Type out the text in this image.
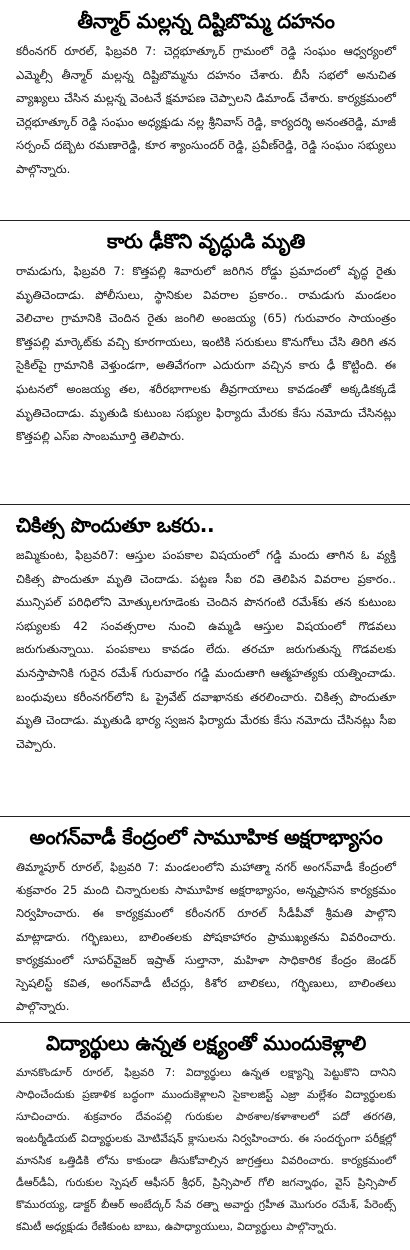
తీన్మార్ మల్లన్న దిష్టిబొమ్మ దహనం

కరీంనగర్ రూరల్, ఫిబ్రవరి 7: చెర్లభూత్కూర్ గ్రామంలో రెడ్డి సంఘం ఆధ్వర్యంలో ఎమ్మెల్సీ తీన్మార్ మల్లన్న దిష్టిబొమ్మను దహనం చేశారు. బీసీ సభలో అనుచిత వ్యాఖ్యలు చేసిన మల్లన్న వెంటనే క్షమాపణ చెప్పాలని డిమాండ్ చేశారు. కార్యక్రమంలో చెర్లభూత్కూర్ రెడ్డి సంఘం అధ్యక్షుడు నల్ల శ్రీనివాస్ రెడ్డి, కార్యదర్శి అనంతరెడ్డి, మాజీ సర్పంచ్ దబ్బెట రమణారెడ్డి, కూర శ్యాంసుందర్ రెడ్డి, ప్రవీణ్‌రెడ్డి, రెడ్డి సంఘం సభ్యులు పాల్గొన్నారు.

కారు ఢీకొని వృద్ధుడి మృతి

రామడుగు, ఫిబ్రవరి 7: కొత్తపల్లి శివారులో జరిగిన రోడ్డు ప్రమాదంలో వృద్ధ రైతు మృతిచెందాడు. పోలీసులు, స్థానికుల వివరాల ప్రకారం.. రామడుగు మండలం వెలిచాల గ్రామానికి చెందిన రైతు జంగిలి అంజయ్య (65) గురువారం సాయంత్రం కొత్తపల్లి మార్కెట్‌కు వచ్చి కూరగాయలు, ఇంటికి సరుకులు కొనుగోలు చేసి తిరిగి తన సైకిల్‌పై గ్రామానికి వెళ్తుండగా, అతివేగంగా ఎదురుగా వచ్చిన కారు ఢీ కొట్టింది. ఈ ఘటనలో అంజయ్య తల, శరీరభాగాలకు తీవ్రగాయాలు కావడంతో అక్కడికక్కడే మృతిచెందాడు. మృతుడి కుటుంబ సభ్యుల ఫిర్యాదు మేరకు కేసు నమోదు చేసినట్లు కొత్తపల్లి ఎస్ఐ సాంబమూర్తి తెలిపారు.

చికిత్స పొందుతూ ఒకరు..

జమ్మికుంట, ఫిబ్రవరి7: ఆస్తుల పంపకాల విషయంలో గడ్డి మందు తాగిన ఓ వ్యక్తి చికిత్స పొందుతూ మృతి చెందాడు. పట్టణ సీఐ రవి తెలిపిన వివరాల ప్రకారం.. మున్సిపల్ పరిధిలోని మోత్కులగూడెంకు చెందిన పొనగంటి రమేశ్‌కు తన కుటుంబ సభ్యులకు 42 సంవత్సరాల నుంచి ఉమ్మడి ఆస్తుల విషయంలో గొడవలు జరుగుతున్నాయి. పంపకాలు కావడం లేదు. తరచూ జరుగుతున్న గొడవలకు మనస్తాపానికి గురైన రమేశ్ గురువారం గడ్డి మందుతాగి ఆత్మహత్యకు యత్నించాడు. బంధువులు కరీంనగర్‌లోని ఓ ప్రైవేట్ దవాఖానకు తరలించారు. చికిత్స పొందుతూ మృతి చెందాడు. మృతుడి భార్య స్వజన ఫిర్యాదు మేరకు కేసు నమోదు చేసినట్లు సీఐ చెప్పారు.

అంగన్‌వాడీ కేంద్రంలో సామూహిక అక్షరాభ్యాసం

తిమ్మాపూర్ రూరల్, ఫిబ్రవరి 7: మండలంలోని మహాత్మా నగర్ అంగన్‌వాడీ కేంద్రంలో శుక్రవారం 25 మంది చిన్నారులకు సామూహిక అక్షరాభ్యాసం, అన్నప్రాసన కార్యక్రమం నిర్వహించారు. ఈ కార్యక్రమంలో కరీంనగర్ రూరల్ సీడీపీవో శ్రీమతి పాల్గొని మాట్లాడారు. గర్భిణులు, బాలింతలకు పోషకాహారం ప్రాముఖ్యతను వివరించారు. కార్యక్రమంలో సూపర్‌వైజర్ ఇష్రాత్ సుల్తానా, మహిళా సాధికారిక కేంద్రం జెండర్ స్పెషలిస్ట్ కవిత, అంగన్‌వాడీ టీచర్లు, కిశోర బాలికలు, గర్భిణులు, బాలింతలు పాల్గొన్నారు.

విద్యార్థులు ఉన్నత లక్ష్యంతో ముందుకెళ్లాలి

మానకొండూర్ రూరల్, ఫిబ్రవరి 7: విద్యార్థులు ఉన్నత లక్ష్యాన్ని పెట్టుకొని దానిని సాధించేందుకు ప్రణాళిక బద్ధంగా ముందుకెళ్లాలని సైకాలజిస్ట్ ఎజ్రా మల్లేశం విద్యార్థులకు సూచించారు. శుక్రవారం దేవంపల్లి గురుకుల పాఠశాల/కళాశాలలో పదో తరగతి, ఇంటర్మీడియట్ విద్యార్థులకు మోటివేషన్ క్లాసులను నిర్వహించారు. ఈ సందర్భంగా పరీక్షల్లో మానసిక ఒత్తిడికి లోను కాకుండా తీసుకోవాల్సిన జాగ్రత్తలు వివరించారు. కార్యక్రమంలో డీఆర్‌డీఏ, గురుకుల స్పెషల్ ఆఫీసర్ శ్రీధర్, ప్రిన్సిపాల్ గోలి జగన్నాథం, వైస్ ప్రిన్సిపాల్ కొమురయ్య, డాక్టర్ బీఆర్ అంబేద్కర్ సేవ రత్నా అవార్డు గ్రహీత మొగురం రమేశ్, పేరెంట్స్ కమిటీ అధ్యక్షుడు రేణికుంట బాబు, ఉపాధ్యాయులు, విద్యార్థులు పాల్గొన్నారు.
